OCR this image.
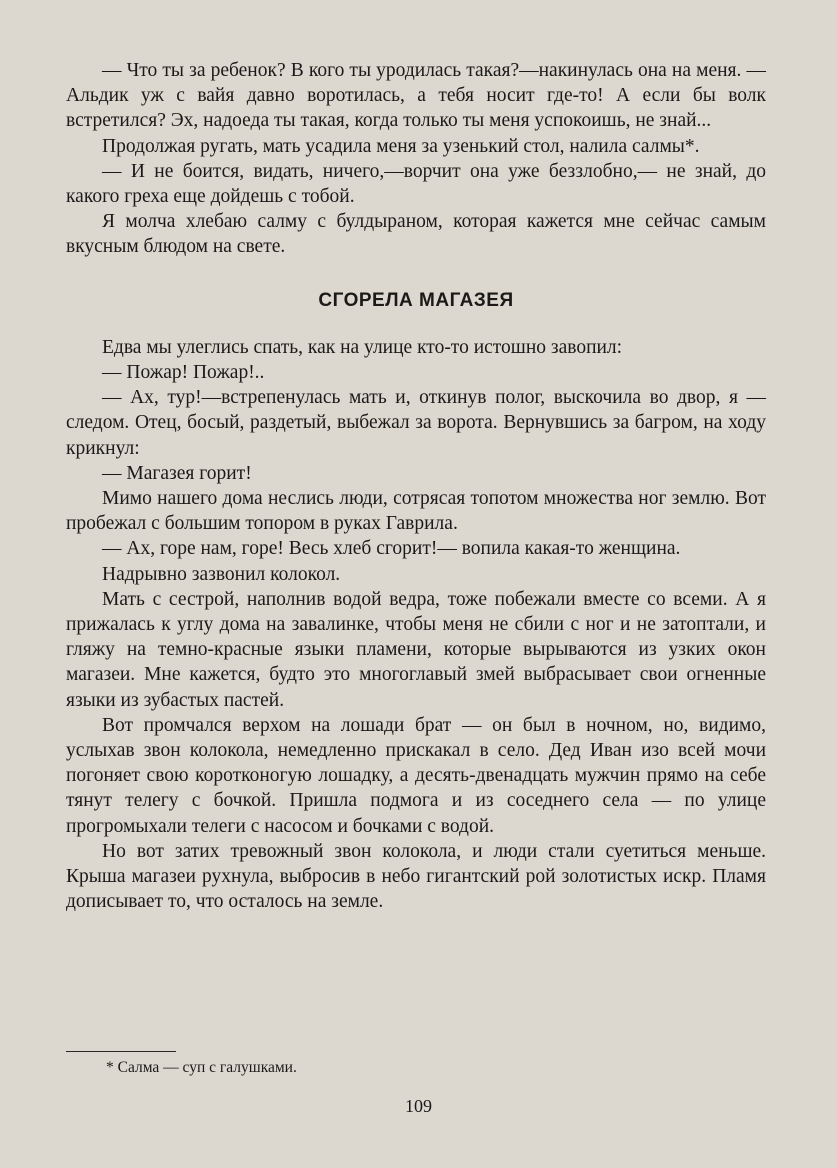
— Что ты за ребенок? В кого ты уродилась такая?—накинулась она на меня. — Альдик уж с вайя давно воротилась, а тебя носит где-то! А если бы волк встретился? Эх, надоеда ты такая, когда только ты меня успокоишь, не знай...

Продолжая ругать, мать усадила меня за узенький стол, налила салмы*.

— И не боится, видать, ничего,—ворчит она уже беззлобно,— не знай, до какого греха еще дойдешь с тобой.

Я молча хлебаю салму с булдыраном, которая кажется мне сейчас самым вкусным блюдом на свете.

СГОРЕЛА МАГАЗЕЯ

Едва мы улеглись спать, как на улице кто-то истошно завопил:

— Пожар! Пожар!..

— Ах, тур!—встрепенулась мать и, откинув полог, выскочила во двор, я — следом. Отец, босый, раздетый, выбежал за ворота. Вернувшись за багром, на ходу крикнул:

— Магазея горит!

Мимо нашего дома неслись люди, сотрясая топотом множества ног землю. Вот пробежал с большим топором в руках Гаврила.

— Ах, горе нам, горе! Весь хлеб сгорит!— вопила какая-то женщина.

Надрывно зазвонил колокол.

Мать с сестрой, наполнив водой ведра, тоже побежали вместе со всеми. А я прижалась к углу дома на завалинке, чтобы меня не сбили с ног и не затоптали, и гляжу на темно-красные языки пламени, которые вырываются из узких окон магазеи. Мне кажется, будто это многоглавый змей выбрасывает свои огненные языки из зубастых пастей.

Вот промчался верхом на лошади брат — он был в ночном, но, видимо, услыхав звон колокола, немедленно прискакал в село. Дед Иван изо всей мочи погоняет свою коротконогую лошадку, а десять-двенадцать мужчин прямо на себе тянут телегу с бочкой. Пришла подмога и из соседнего села — по улице прогромыхали телеги с насосом и бочками с водой.

Но вот затих тревожный звон колокола, и люди стали суетиться меньше. Крыша магазеи рухнула, выбросив в небо гигантский рой золотистых искр. Пламя дописывает то, что осталось на земле.

* Салма — суп с галушками.
109
